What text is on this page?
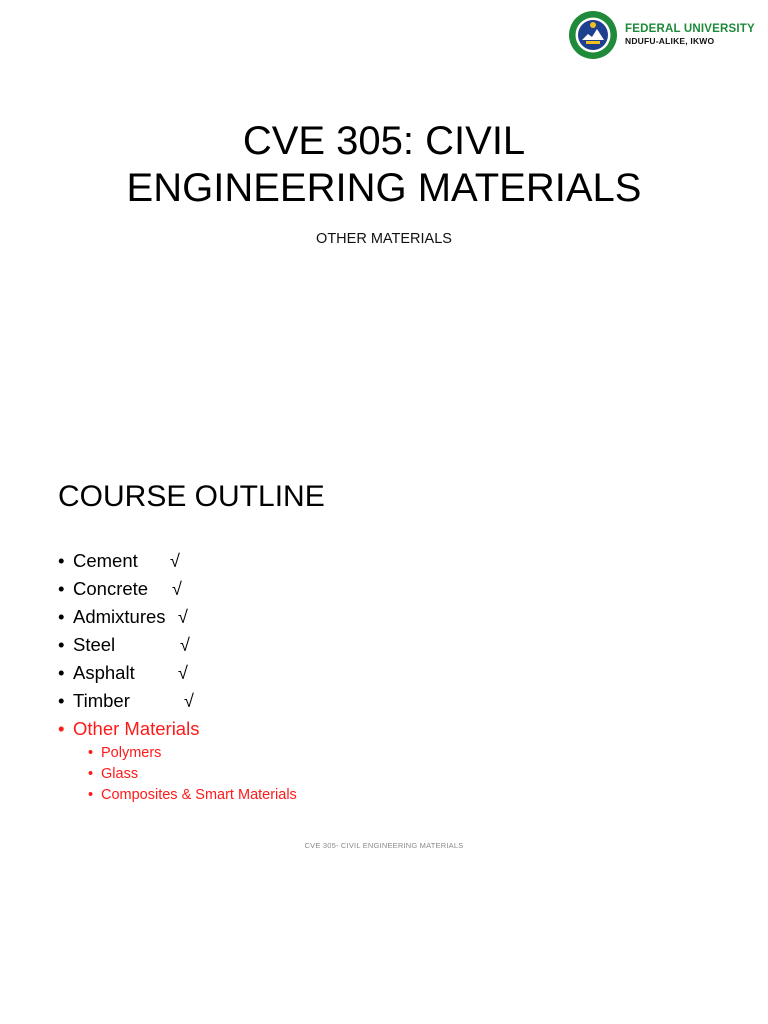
FEDERAL UNIVERSITY
NDUFU-ALIKE, IKWO
CVE 305: CIVIL
ENGINEERING MATERIALS
OTHER MATERIALS
COURSE OUTLINE
• Cement √
• Concrete √
• Admixtures √
• Steel	√
• Asphalt √
• Timber	√
• Other Materials
• Polymers
• Glass
• Composites & Smart Materials
CVE 305- CIVIL ENGINEERING MATERIALS
